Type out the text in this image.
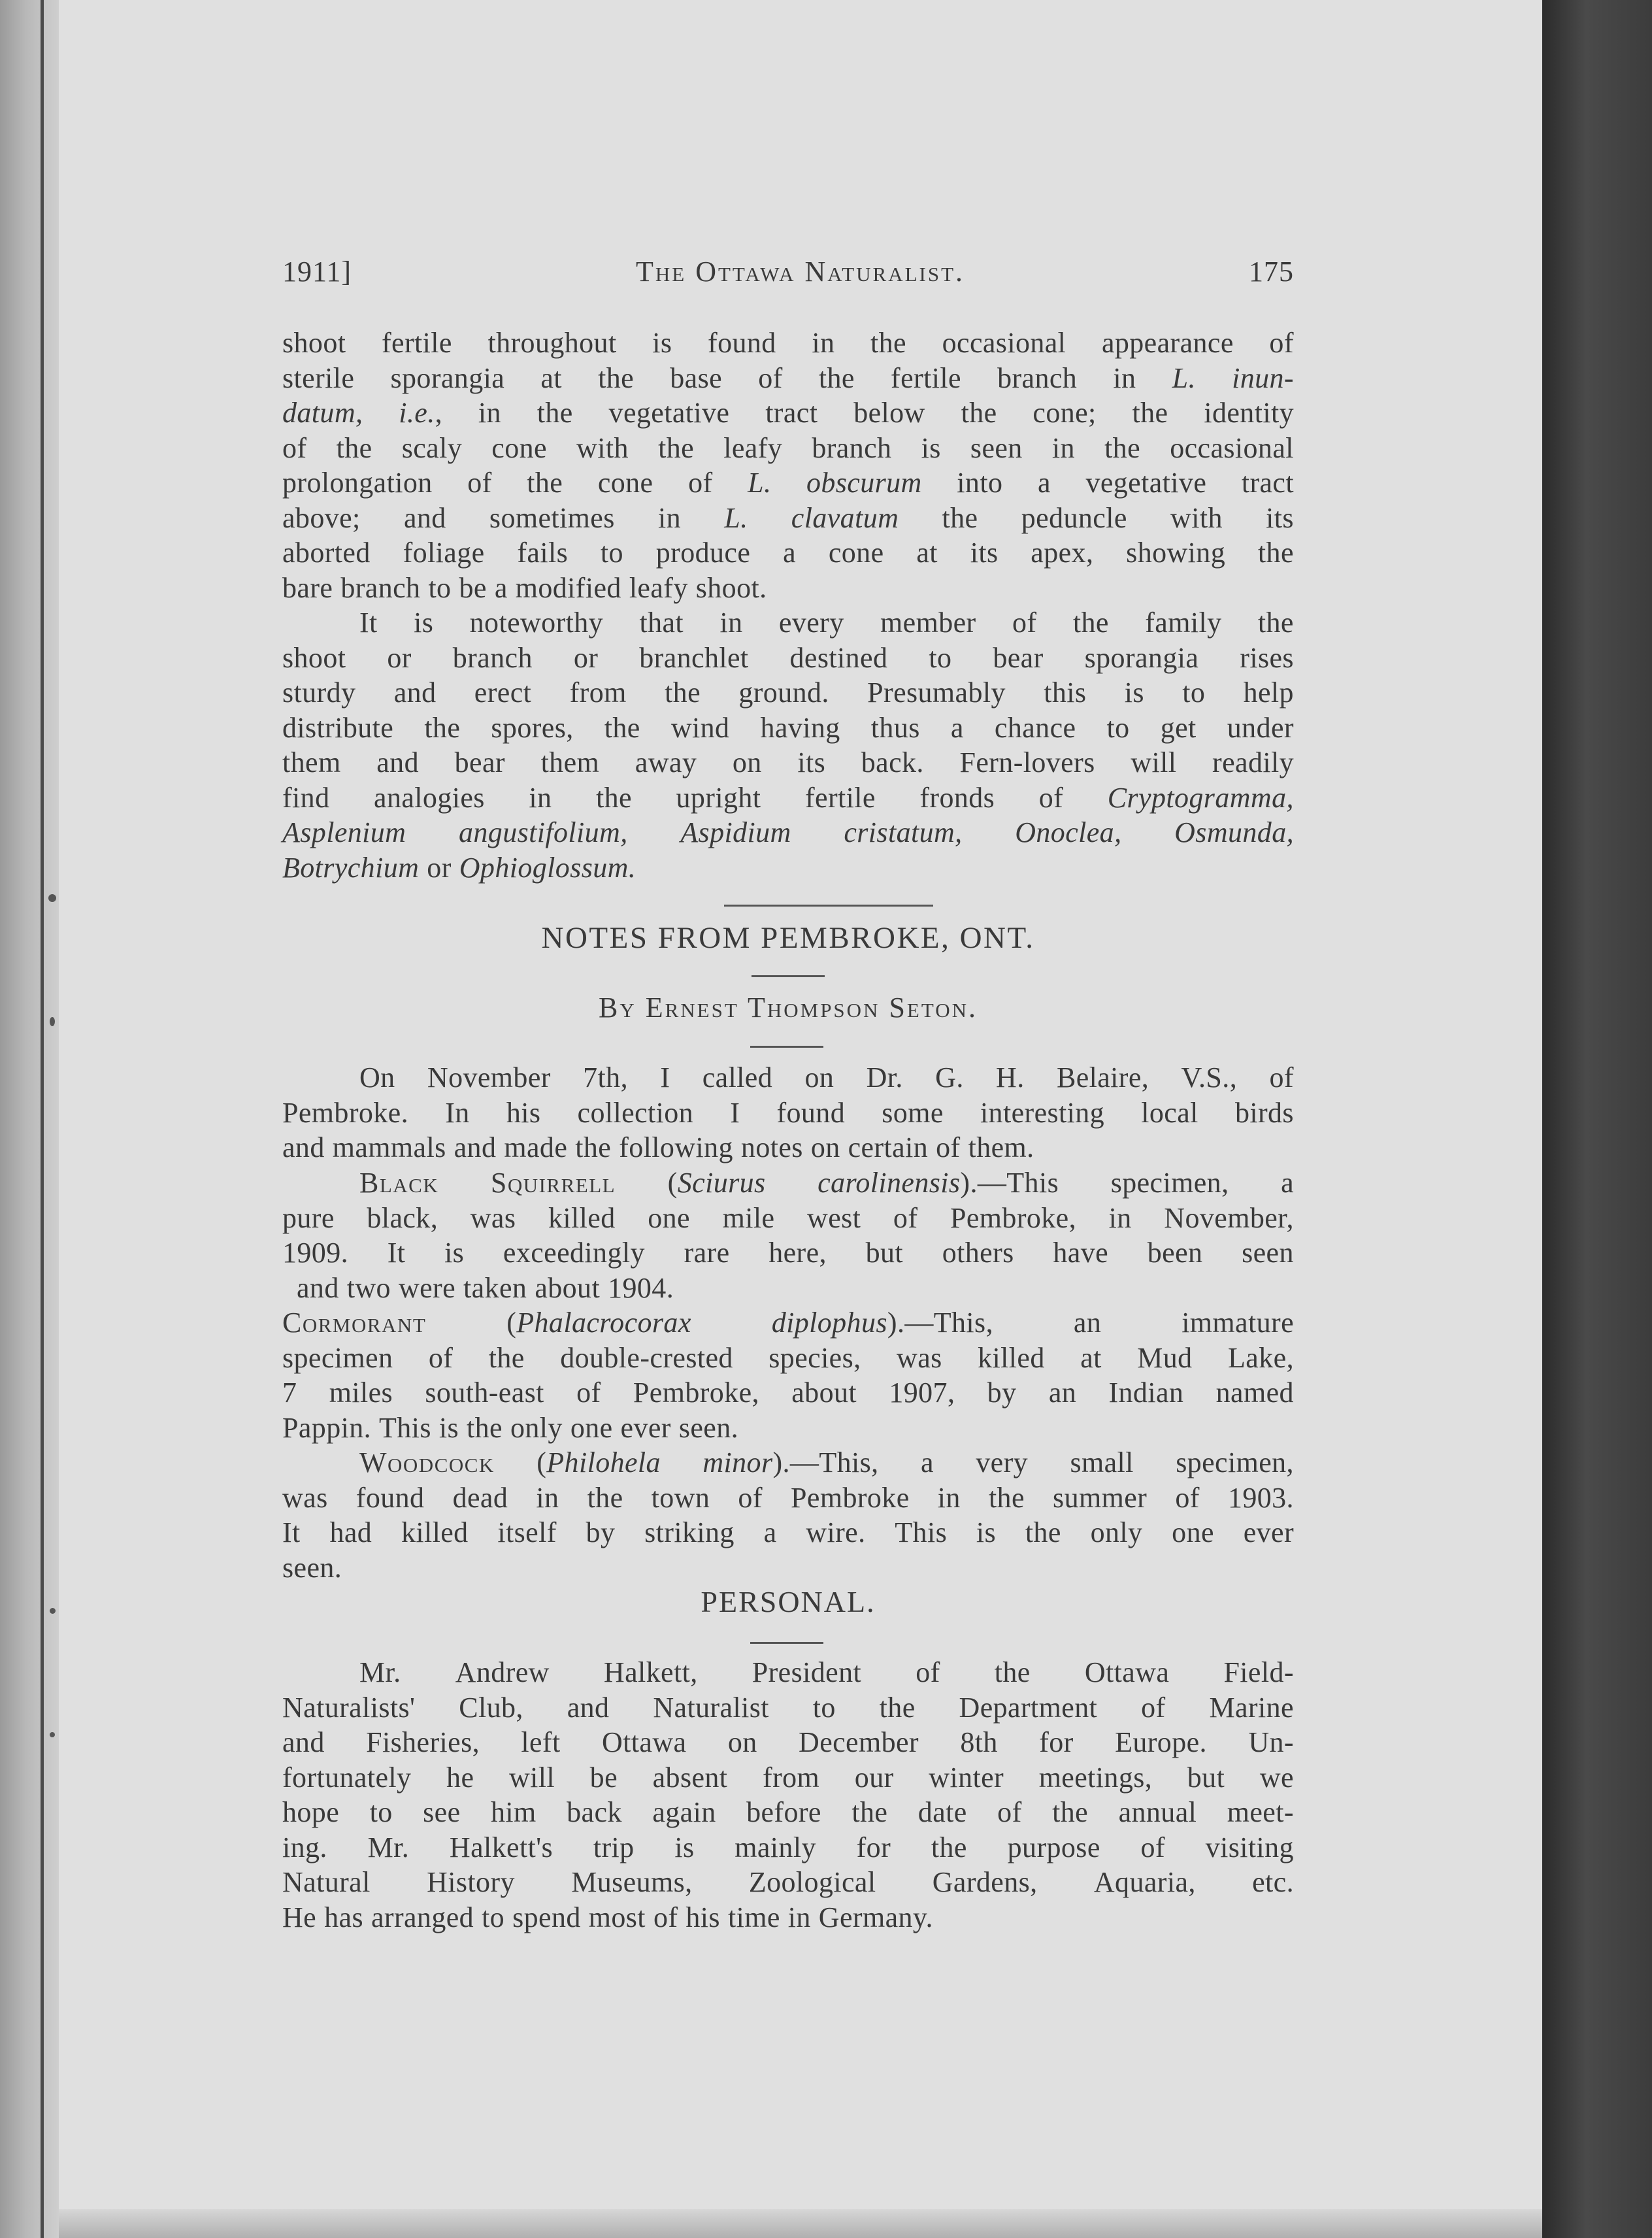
1911]	The Ottawa Naturalist.	175
shoot fertile throughout is found in the occasional appearance of
sterile sporangia at the base of the fertile branch in L. inun-
datum, i.e., in the vegetative tract below the cone; the identity
of the scaly cone with the leafy branch is seen in the occasional
prolongation of the cone of L. obscurum into a vegetative tract
above; and sometimes in L. clavatum the peduncle with its
aborted foliage fails to produce a cone at its apex, showing the
bare branch to be a modified leafy shoot.
It is noteworthy that in every member of the family the
shoot or branch or branchlet destined to bear sporangia rises
sturdy and erect from the ground. Presumably this is to help
distribute the spores, the wind having thus a chance to get under
them and bear them away on its back. Fern-lovers will readily
find analogies in the upright fertile fronds of Cryptogramma,
Asplenium angustifolium, Aspidium cristatum, Onoclea, Osmunda,
Botrychium or Ophioglossum.
NOTES FROM PEMBROKE, ONT.
By Ernest Thompson Seton.
On November 7th, I called on Dr. G. H. Belaire, V.S., of
Pembroke. In his collection I found some interesting local birds
and mammals and made the following notes on certain of them.
Black Squirrell (Sciurus carolinensis).—This specimen, a
pure black, was killed one mile west of Pembroke, in November,
1909. It is exceedingly rare here, but others have been seen
and two were taken about 1904.
Cormorant	(Phalacrocorax	diplophus).—This,	an	immature
specimen of the double-crested species, was killed at Mud Lake,
7 miles south-east of Pembroke, about 1907, by an Indian named
Pappin. This is the only one ever seen.
Woodcock (Philohela minor).—This, a very small specimen,
was found dead in the town of Pembroke in the summer of 1903.
It had killed itself by striking a wire. This is the only one ever
seen.
PERSONAL.
Mr. Andrew Halkett, President of the Ottawa Field-
Naturalists' Club, and Naturalist to the Department of Marine
and Fisheries, left Ottawa on December 8th for Europe. Un-
fortunately he will be absent from our winter meetings, but we
hope to see him back again before the date of the annual meet-
ing. Mr. Halkett's trip is mainly for the purpose of visiting
Natural History Museums, Zoological Gardens, Aquaria, etc.
He has arranged to spend most of his time in Germany.
